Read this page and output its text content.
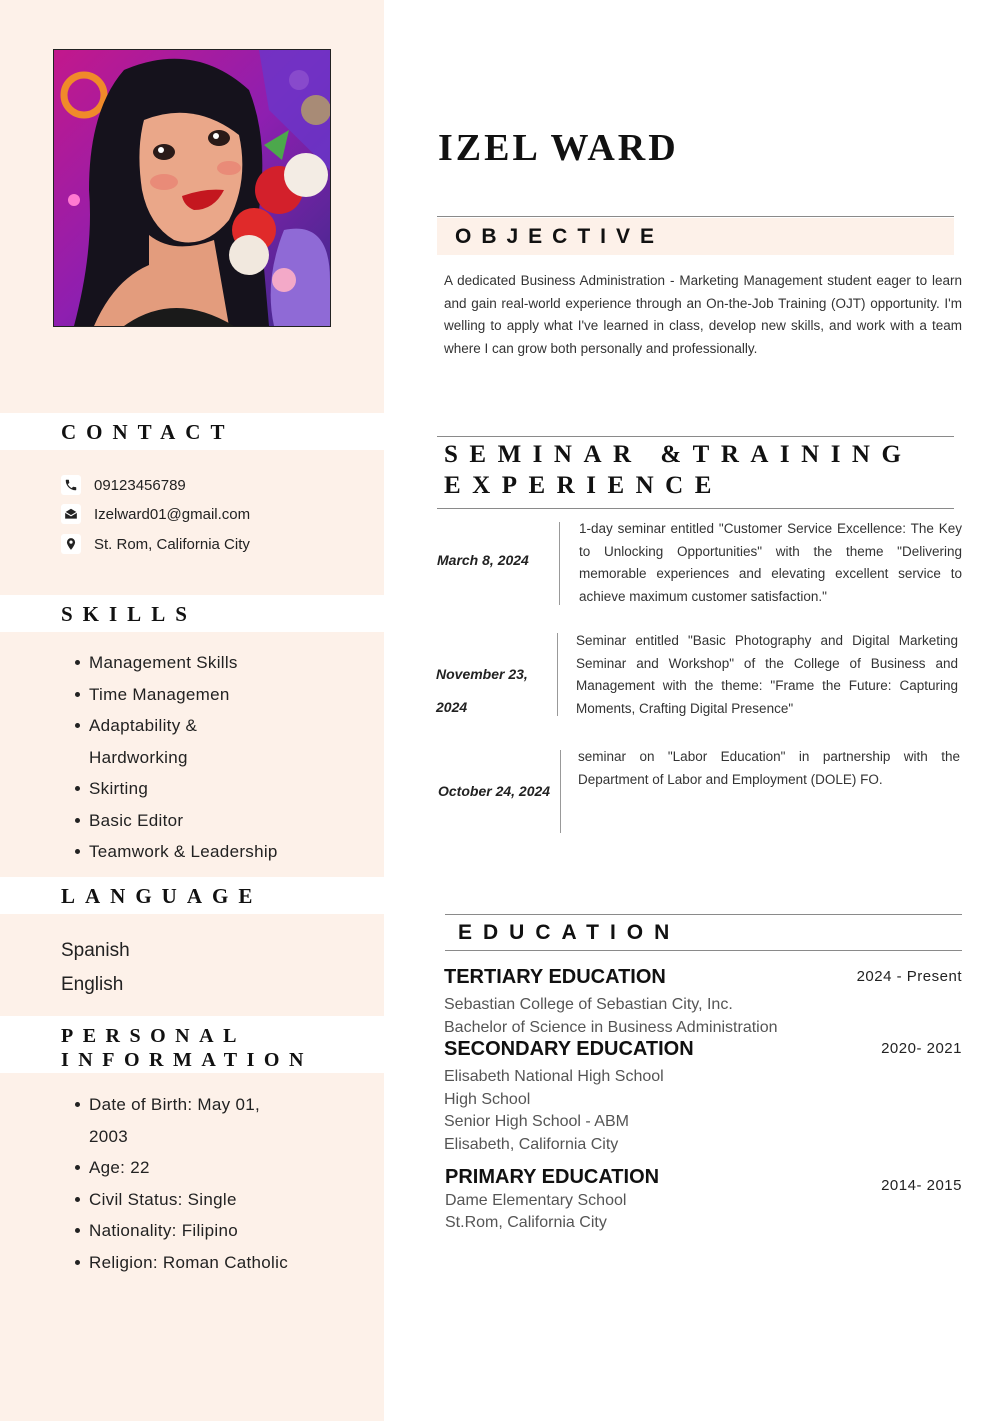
CONTACT
09123456789
Izelward01@gmail.com
St. Rom, California City
SKILLS
Management Skills
Time Managemen
Adaptability &
Hardworking
Skirting
Basic Editor
Teamwork & Leadership
LANGUAGE
Spanish
English
PERSONAL
INFORMATION
Date of Birth: May 01,
2003
Age: 22
Civil Status: Single
Nationality: Filipino
Religion: Roman Catholic
IZEL WARD
OBJECTIVE
A dedicated Business Administration - Marketing Management student eager to learn and gain real-world experience through an On-the-Job Training (OJT) opportunity. I'm welling to apply what I've learned in class, develop new skills, and work with a team where I can grow both personally and professionally.
SEMINAR &TRAINING
EXPERIENCE
March 8, 2024
1-day seminar entitled "Customer Service Excellence: The Key to Unlocking Opportunities" with the theme "Delivering memorable experiences and elevating excellent service to achieve maximum customer satisfaction."
November 23,
2024
Seminar entitled "Basic Photography and Digital Marketing Seminar and Workshop" of the College of Business and Management with the theme: "Frame the Future: Capturing Moments, Crafting Digital Presence"
October 24, 2024
seminar on "Labor Education" in partnership with the Department of Labor and Employment (DOLE) FO.
EDUCATION
TERTIARY EDUCATION	2024 - Present
Sebastian College of Sebastian City, Inc.
Bachelor of Science in Business Administration
SECONDARY EDUCATION	2020- 2021
Elisabeth National High School
High School
Senior High School - ABM
Elisabeth, California City
PRIMARY EDUCATION	2014- 2015
Dame Elementary School
St.Rom, California City
